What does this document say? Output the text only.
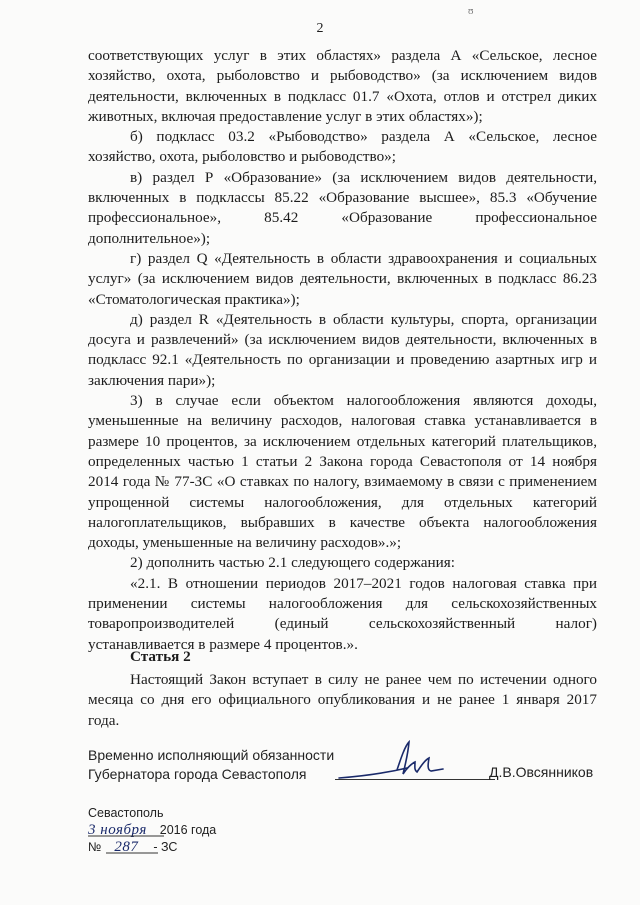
2
ʊ

соответствующих услуг в этих областях» раздела А «Сельское, лесное хозяйство, охота, рыболовство и рыбоводство» (за исключением видов деятельности, включенных в подкласс 01.7 «Охота, отлов и отстрел диких животных, включая предоставление услуг в этих областях»);

б) подкласс 03.2 «Рыбоводство» раздела А «Сельское, лесное хозяйство, охота, рыболовство и рыбоводство»;

в) раздел Р «Образование» (за исключением видов деятельности, включенных в подклассы 85.22 «Образование высшее», 85.3 «Обучение профессиональное», 85.42 «Образование профессиональное дополнительное»);

г) раздел Q «Деятельность в области здравоохранения и социальных услуг» (за исключением видов деятельности, включенных в подкласс 86.23 «Стоматологическая практика»);

д) раздел R «Деятельность в области культуры, спорта, организации досуга и развлечений» (за исключением видов деятельности, включенных в подкласс 92.1 «Деятельность по организации и проведению азартных игр и заключения пари»);

3) в случае если объектом налогообложения являются доходы, уменьшенные на величину расходов, налоговая ставка устанавливается в размере 10 процентов, за исключением отдельных категорий плательщиков, определенных частью 1 статьи 2 Закона города Севастополя от 14 ноября 2014 года № 77-ЗС «О ставках по налогу, взимаемому в связи с применением упрощенной системы налогообложения, для отдельных категорий налогоплательщиков, выбравших в качестве объекта налогообложения доходы, уменьшенные на величину расходов».»;

2) дополнить частью 2.1 следующего содержания:

«2.1. В отношении периодов 2017–2021 годов налоговая ставка при применении системы налогообложения для сельскохозяйственных товаропроизводителей (единый сельскохозяйственный налог) устанавливается в размере 4 процентов.».

Статья 2

Настоящий Закон вступает в силу не ранее чем по истечении одного месяца со дня его официального опубликования и не ранее 1 января 2017 года.

Временно исполняющий обязанности
Губернатора города Севастополя	Д.В.Овсянников
Севастополь
3 ноября 2016 года
№ 287 - ЗС
